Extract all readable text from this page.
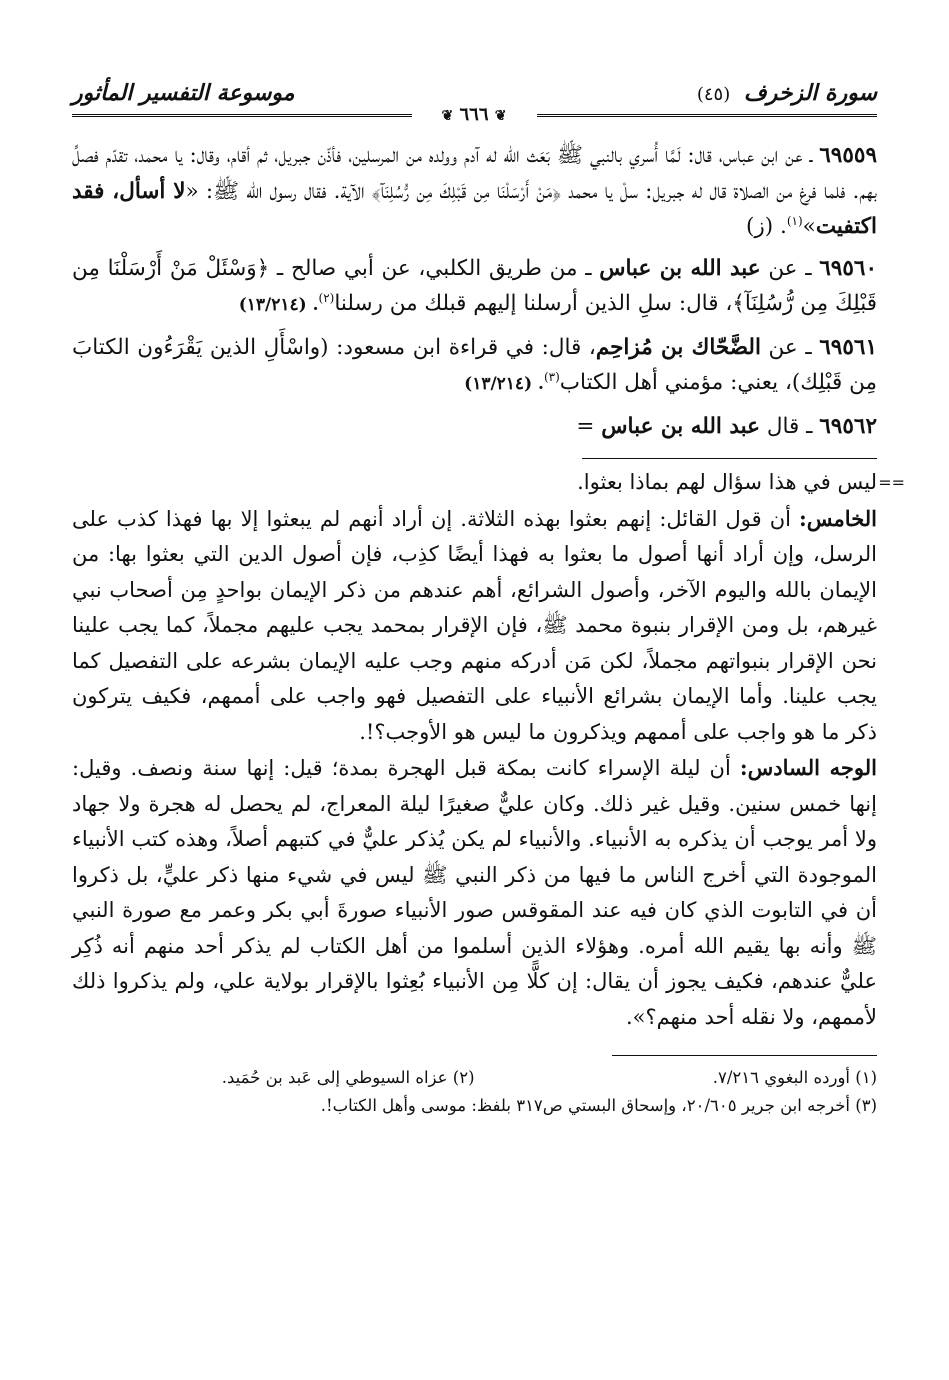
سورة الزخرف (٤٥)
موسوعة التفسير المأثور
❦ ٦٦٦ ❦
٦٩٥٥٩ ـ عن ابن عباس، قال: لَمَّا أُسري بالنبي ﷺ بَعَث الله له آدم وولده من المرسلين، فأذّن جبريل، ثم أقام، وقال: يا محمد، تقدّم فصلِّ بهم. فلما فرغ من الصلاة قال له جبريل: سلْ يا محمد ﴿مَنْ أَرْسَلْنَا مِن قَبْلِكَ مِن رُّسُلِنَآ﴾ الآية. فقال رسول الله ﷺ: «لا أسأل، فقد اكتفيت»$^{(١)}$. (ز)
٦٩٥٦٠ ـ عن عبد الله بن عباس ـ من طريق الكلبي، عن أبي صالح ـ ﴿وَسْئَلْ مَنْ أَرْسَلْنَا مِن قَبْلِكَ مِن رُّسُلِنَآ﴾، قال: سلِ الذين أرسلنا إليهم قبلك من رسلنا$^{(٢)}$. (١٣/٢١٤)
٦٩٥٦١ ـ عن الضَّحّاك بن مُزاحِم، قال: في قراءة ابن مسعود: (واسْأَلِ الذين يَقْرَءُون الكتابَ مِن قَبْلِك)، يعني: مؤمني أهل الكتاب$^{(٣)}$. (١٣/٢١٤)
٦٩٥٦٢ ـ قال عبد الله بن عباس =
==
ليس في هذا سؤال لهم بماذا بعثوا.
الخامس: أن قول القائل: إنهم بعثوا بهذه الثلاثة. إن أراد أنهم لم يبعثوا إلا بها فهذا كذب على الرسل، وإن أراد أنها أصول ما بعثوا به فهذا أيضًا كذِب، فإن أصول الدين التي بعثوا بها: من الإيمان بالله واليوم الآخر، وأصول الشرائع، أهم عندهم من ذكر الإيمان بواحدٍ مِن أصحاب نبي غيرهم، بل ومن الإقرار بنبوة محمد ﷺ، فإن الإقرار بمحمد يجب عليهم مجملاً، كما يجب علينا نحن الإقرار بنبواتهم مجملاً، لكن مَن أدركه منهم وجب عليه الإيمان بشرعه على التفصيل كما يجب علينا. وأما الإيمان بشرائع الأنبياء على التفصيل فهو واجب على أممهم، فكيف يتركون ذكر ما هو واجب على أممهم ويذكرون ما ليس هو الأوجب؟!.
الوجه السادس: أن ليلة الإسراء كانت بمكة قبل الهجرة بمدة؛ قيل: إنها سنة ونصف. وقيل: إنها خمس سنين. وقيل غير ذلك. وكان عليٌّ صغيرًا ليلة المعراج، لم يحصل له هجرة ولا جهاد ولا أمر يوجب أن يذكره به الأنبياء. والأنبياء لم يكن يُذكر عليٌّ في كتبهم أصلاً، وهذه كتب الأنبياء الموجودة التي أخرج الناس ما فيها من ذكر النبي ﷺ ليس في شيء منها ذكر عليٍّ، بل ذكروا أن في التابوت الذي كان فيه عند المقوقس صور الأنبياء صورةَ أبي بكر وعمر مع صورة النبي ﷺ وأنه بها يقيم الله أمره. وهؤلاء الذين أسلموا من أهل الكتاب لم يذكر أحد منهم أنه ذُكِر عليٌّ عندهم، فكيف يجوز أن يقال: إن كلًّا مِن الأنبياء بُعِثوا بالإقرار بولاية علي، ولم يذكروا ذلك لأممهم، ولا نقله أحد منهم؟».
(١) أورده البغوي ٧/٢١٦.
(٢) عزاه السيوطي إلى عَبد بن حُمَيد.
(٣) أخرجه ابن جرير ٢٠/٦٠٥، وإسحاق البستي ص٣١٧ بلفظ: موسى وأهل الكتاب!.
